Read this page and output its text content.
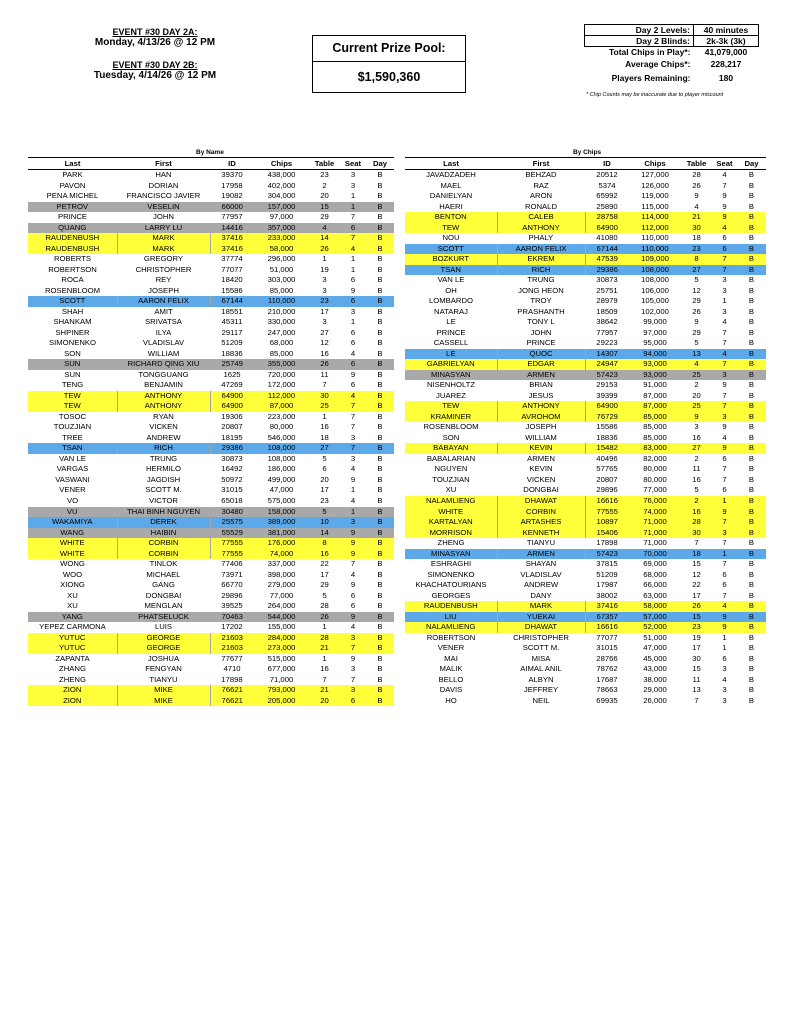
EVENT #30 DAY 2A:
Monday, 4/13/26 @ 12 PM
EVENT #30 DAY 2B:
Tuesday, 4/14/26 @ 12 PM
Current Prize Pool:
$1,590,360
Day 2 Levels:	40 minutes
Day 2 Blinds:	2k-3k (3k)
Total Chips in Play*:	41,079,000
Average Chips*:	228,217
Players Remaining:	180
* Chip Counts may be inaccurate due to player miscount
By Name	By Chips
Last	First	ID	Chips	Table	Seat	Day
PARK	HAN	39370	438,000	23	3	B
PAVON	DORIAN	17958	402,000	2	3	B
PENA MICHEL	FRANCISCO JAVIER	19082	304,000	20	1	B
PETROV	VESELIN	66000	157,000	15	1	B
PRINCE	JOHN	77957	97,000	29	7	B
QUANG	LARRY LU	14416	357,000	4	6	B
RAUDENBUSH	MARK	37416	233,000	14	7	B
RAUDENBUSH	MARK	37416	58,000	26	4	B
ROBERTS	GREGORY	37774	296,000	1	1	B
ROBERTSON	CHRISTOPHER	77077	51,000	19	1	B
ROCA	REY	18420	303,000	3	6	B
ROSENBLOOM	JOSEPH	15586	85,000	3	9	B
SCOTT	AARON FELIX	67144	110,000	23	6	B
SHAH	AMIT	18551	210,000	17	3	B
SHANKAM	SRIVATSA	45311	330,000	3	1	B
SHPINER	ILYA	29117	247,000	27	6	B
SIMONENKO	VLADISLAV	51209	68,000	12	6	B
SON	WILLIAM	18836	85,000	16	4	B
SUN	RICHARD QING XIU	25749	355,000	26	6	B
SUN	TONGGUANG	1625	720,000	11	9	B
TENG	BENJAMIN	47269	172,000	7	6	B
TEW	ANTHONY	64900	112,000	30	4	B
TEW	ANTHONY	64900	87,000	25	7	B
TOSOC	RYAN	19306	223,000	1	7	B
TOUZJIAN	VICKEN	20807	80,000	16	7	B
TREE	ANDREW	18195	546,000	18	3	B
TSAN	RICH	29386	108,000	27	7	B
VAN LE	TRUNG	30873	108,000	5	3	B
VARGAS	HERMILO	16492	186,000	6	4	B
VASWANI	JAGDISH	50972	499,000	20	9	B
VENER	SCOTT M.	31015	47,000	17	1	B
VO	VICTOR	65018	575,000	23	4	B
VU	THAI BINH NGUYEN	30480	158,000	5	1	B
WAKAMIYA	DEREK	25575	389,000	10	3	B
WANG	HAIBIN	55529	381,000	14	9	B
WHITE	CORBIN	77555	176,000	8	9	B
WHITE	CORBIN	77555	74,000	16	9	B
WONG	TINLOK	77406	337,000	22	7	B
WOO	MICHAEL	73971	398,000	17	4	B
XIONG	GANG	66770	279,000	29	9	B
XU	DONGBAI	29896	77,000	5	6	B
XU	MENGLAN	39525	264,000	28	6	B
YANG	PHATSELUCK	70463	544,000	26	9	B
YEPEZ CARMONA	LUIS	17202	155,000	1	4	B
YUTUC	GEORGE	21603	284,000	28	3	B
YUTUC	GEORGE	21603	273,000	21	7	B
ZAPANTA	JOSHUA	77677	515,000	1	9	B
ZHANG	FENGYAN	4710	677,000	16	3	B
ZHENG	TIANYU	17898	71,000	7	7	B
ZION	MIKE	76621	793,000	21	3	B
ZION	MIKE	76621	205,000	20	6	B
Last	First	ID	Chips	Table	Seat	Day
JAVADZADEH	BEHZAD	20512	127,000	28	4	B
MAEL	RAZ	5374	126,000	26	7	B
DANIELYAN	ARON	65992	119,000	9	9	B
HAERI	RONALD	25890	115,000	4	9	B
BENTON	CALEB	28758	114,000	21	9	B
TEW	ANTHONY	64900	112,000	30	4	B
NOU	PHALY	41080	110,000	18	6	B
SCOTT	AARON FELIX	67144	110,000	23	6	B
BOZKURT	EKREM	47539	109,000	8	7	B
TSAN	RICH	29386	108,000	27	7	B
VAN LE	TRUNG	30873	108,000	5	3	B
OH	JONG HEON	25751	106,000	12	3	B
LOMBARDO	TROY	28979	105,000	29	1	B
NATARAJ	PRASHANTH	18509	102,000	26	3	B
LE	TONY L	38642	99,000	9	4	B
PRINCE	JOHN	77957	97,000	29	7	B
CASSELL	PRINCE	29223	95,000	5	7	B
LE	QUOC	14307	94,000	13	4	B
GABRIELYAN	EDGAR	24947	93,000	4	7	B
MINASYAN	ARMEN	57423	93,000	25	3	B
NISENHOLTZ	BRIAN	29153	91,000	2	9	B
JUAREZ	JESUS	39399	87,000	20	7	B
TEW	ANTHONY	64900	87,000	25	7	B
KRAMINER	AVROHOM	76729	85,000	9	3	B
ROSENBLOOM	JOSEPH	15586	85,000	3	9	B
SON	WILLIAM	18836	85,000	16	4	B
BABAYAN	KEVIN	15482	83,000	27	9	B
BABALARIAN	ARMEN	40496	82,000	2	6	B
NGUYEN	KEVIN	57765	80,000	11	7	B
TOUZJIAN	VICKEN	20807	80,000	16	7	B
XU	DONGBAI	29896	77,000	5	6	B
NALAMLIENG	DHAWAT	16616	76,000	2	1	B
WHITE	CORBIN	77555	74,000	16	9	B
KARTALYAN	ARTASHES	10897	71,000	28	7	B
MORRISON	KENNETH	15406	71,000	30	3	B
ZHENG	TIANYU	17898	71,000	7	7	B
MINASYAN	ARMEN	57423	70,000	18	1	B
ESHRAGHI	SHAYAN	37815	69,000	15	7	B
SIMONENKO	VLADISLAV	51209	68,000	12	6	B
KHACHATOURIANS	ANDREW	17987	66,000	22	6	B
GEORGES	DANY	38002	63,000	17	7	B
RAUDENBUSH	MARK	37416	58,000	26	4	B
LIU	YUEKAI	67357	57,000	15	9	B
NALAMLIENG	DHAWAT	16616	52,000	23	9	B
ROBERTSON	CHRISTOPHER	77077	51,000	19	1	B
VENER	SCOTT M.	31015	47,000	17	1	B
MAI	MISA	28766	45,000	30	6	B
MALIK	AIMAL ANIL	78762	43,000	15	3	B
BELLO	ALBYN	17687	38,000	11	4	B
DAVIS	JEFFREY	78663	29,000	13	3	B
HO	NEIL	69935	26,000	7	3	B
